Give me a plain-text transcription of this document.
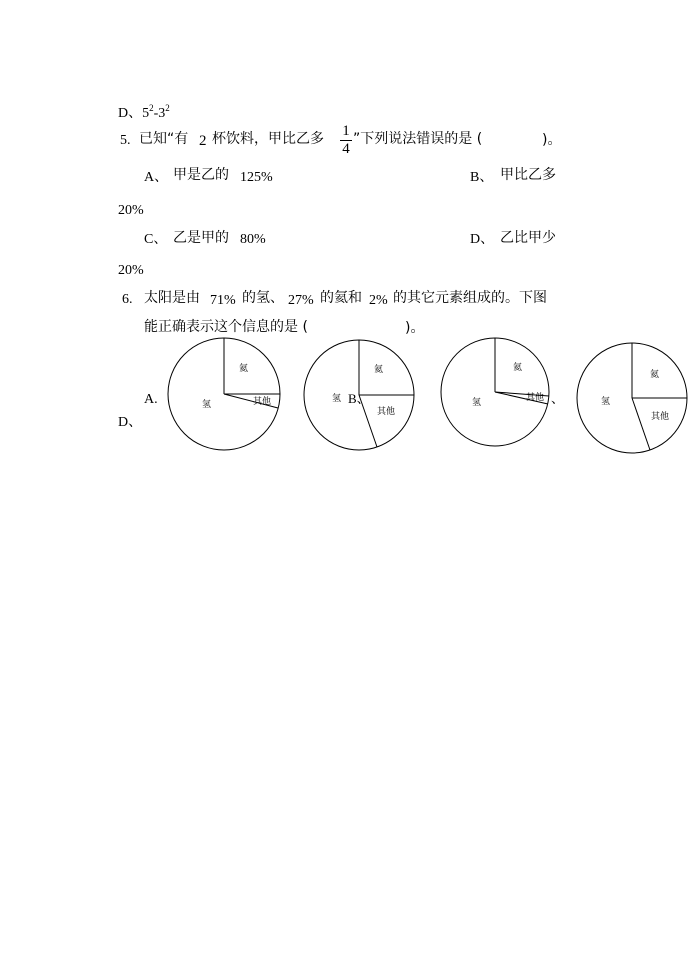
D、$5^2-3^2$
5. 已知“有 2 杯饮料，甲比乙多 1
4
”下列说法错误的是 (	)。
A、 甲是乙的 125%	B、 甲比乙多
20%
C、 乙是甲的 80%	D、 乙比甲少
20%
6. 太阳是由 71% 的氢、 27% 的氦和 2% 的其它元素组成的。下图
能正确表示这个信息的是 (	)。
A.
D、
氦
其他
氢
氦
其他
氢 B、
氦
其他
氢	、
氦
其他
氢
